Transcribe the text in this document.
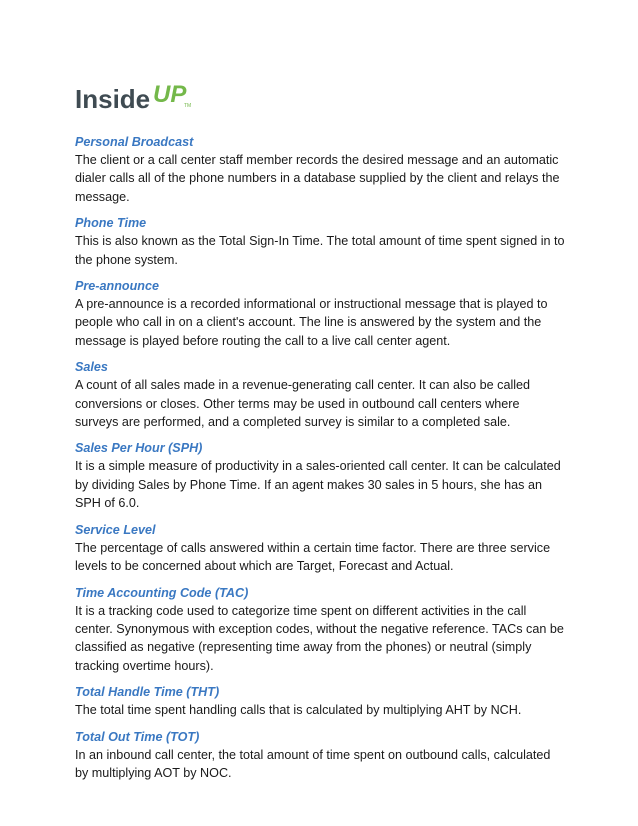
Inside UP
TM

Personal Broadcast

The client or a call center staff member records the desired message and an automatic dialer calls all of the phone numbers in a database supplied by the client and relays the message.

Phone Time

This is also known as the Total Sign-In Time. The total amount of time spent signed in to the phone system.

Pre-announce

A pre-announce is a recorded informational or instructional message that is played to people who call in on a client's account. The line is answered by the system and the message is played before routing the call to a live call center agent.

Sales

A count of all sales made in a revenue-generating call center. It can also be called conversions or closes. Other terms may be used in outbound call centers where surveys are performed, and a completed survey is similar to a completed sale.

Sales Per Hour (SPH)

It is a simple measure of productivity in a sales-oriented call center. It can be calculated by dividing Sales by Phone Time. If an agent makes 30 sales in 5 hours, she has an SPH of 6.0.

Service Level

The percentage of calls answered within a certain time factor. There are three service levels to be concerned about which are Target, Forecast and Actual.

Time Accounting Code (TAC)

It is a tracking code used to categorize time spent on different activities in the call center. Synonymous with exception codes, without the negative reference. TACs can be classified as negative (representing time away from the phones) or neutral (simply tracking overtime hours).

Total Handle Time (THT)

The total time spent handling calls that is calculated by multiplying AHT by NCH.

Total Out Time (TOT)

In an inbound call center, the total amount of time spent on outbound calls, calculated by multiplying AOT by NOC.
